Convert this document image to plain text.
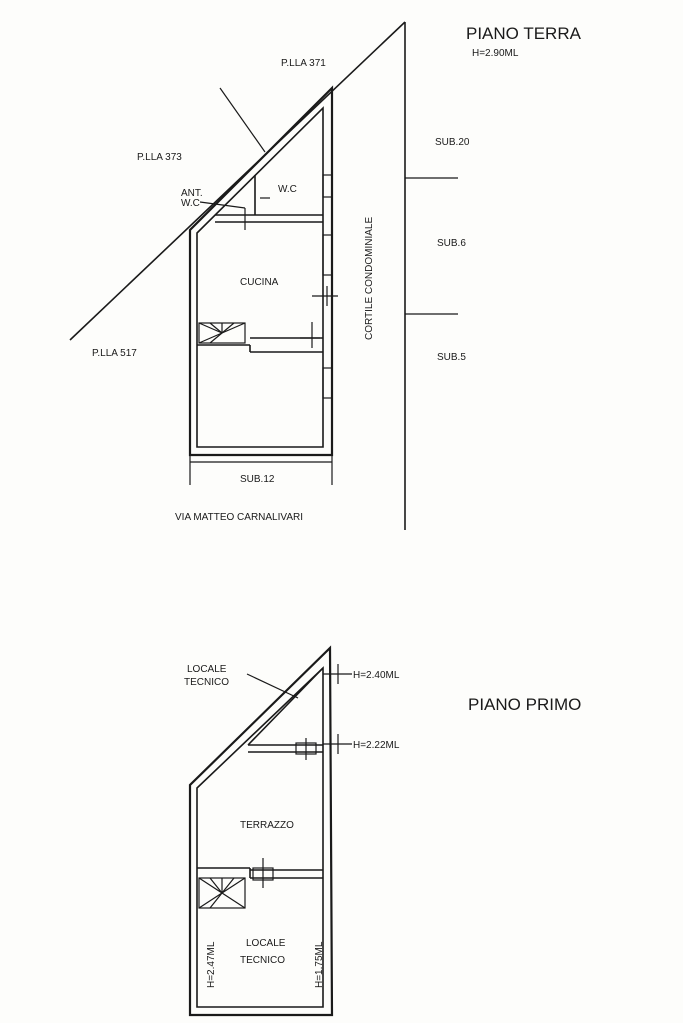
PIANO TERRA
H=2.90ML
P.LLA 371
P.LLA 373
P.LLA 517
SUB.20
SUB.6
SUB.5
SUB.12
ANT.
W.C
W.C
CUCINA	CORTILE CONDOMINIALE
VIA MATTEO CARNALIVARI
PIANO PRIMO
LOCALE
TECNICO
H=2.40ML
H=2.22ML
TERRAZZO
LOCALE
TECNICO
H=2.47ML	H=1.75ML
